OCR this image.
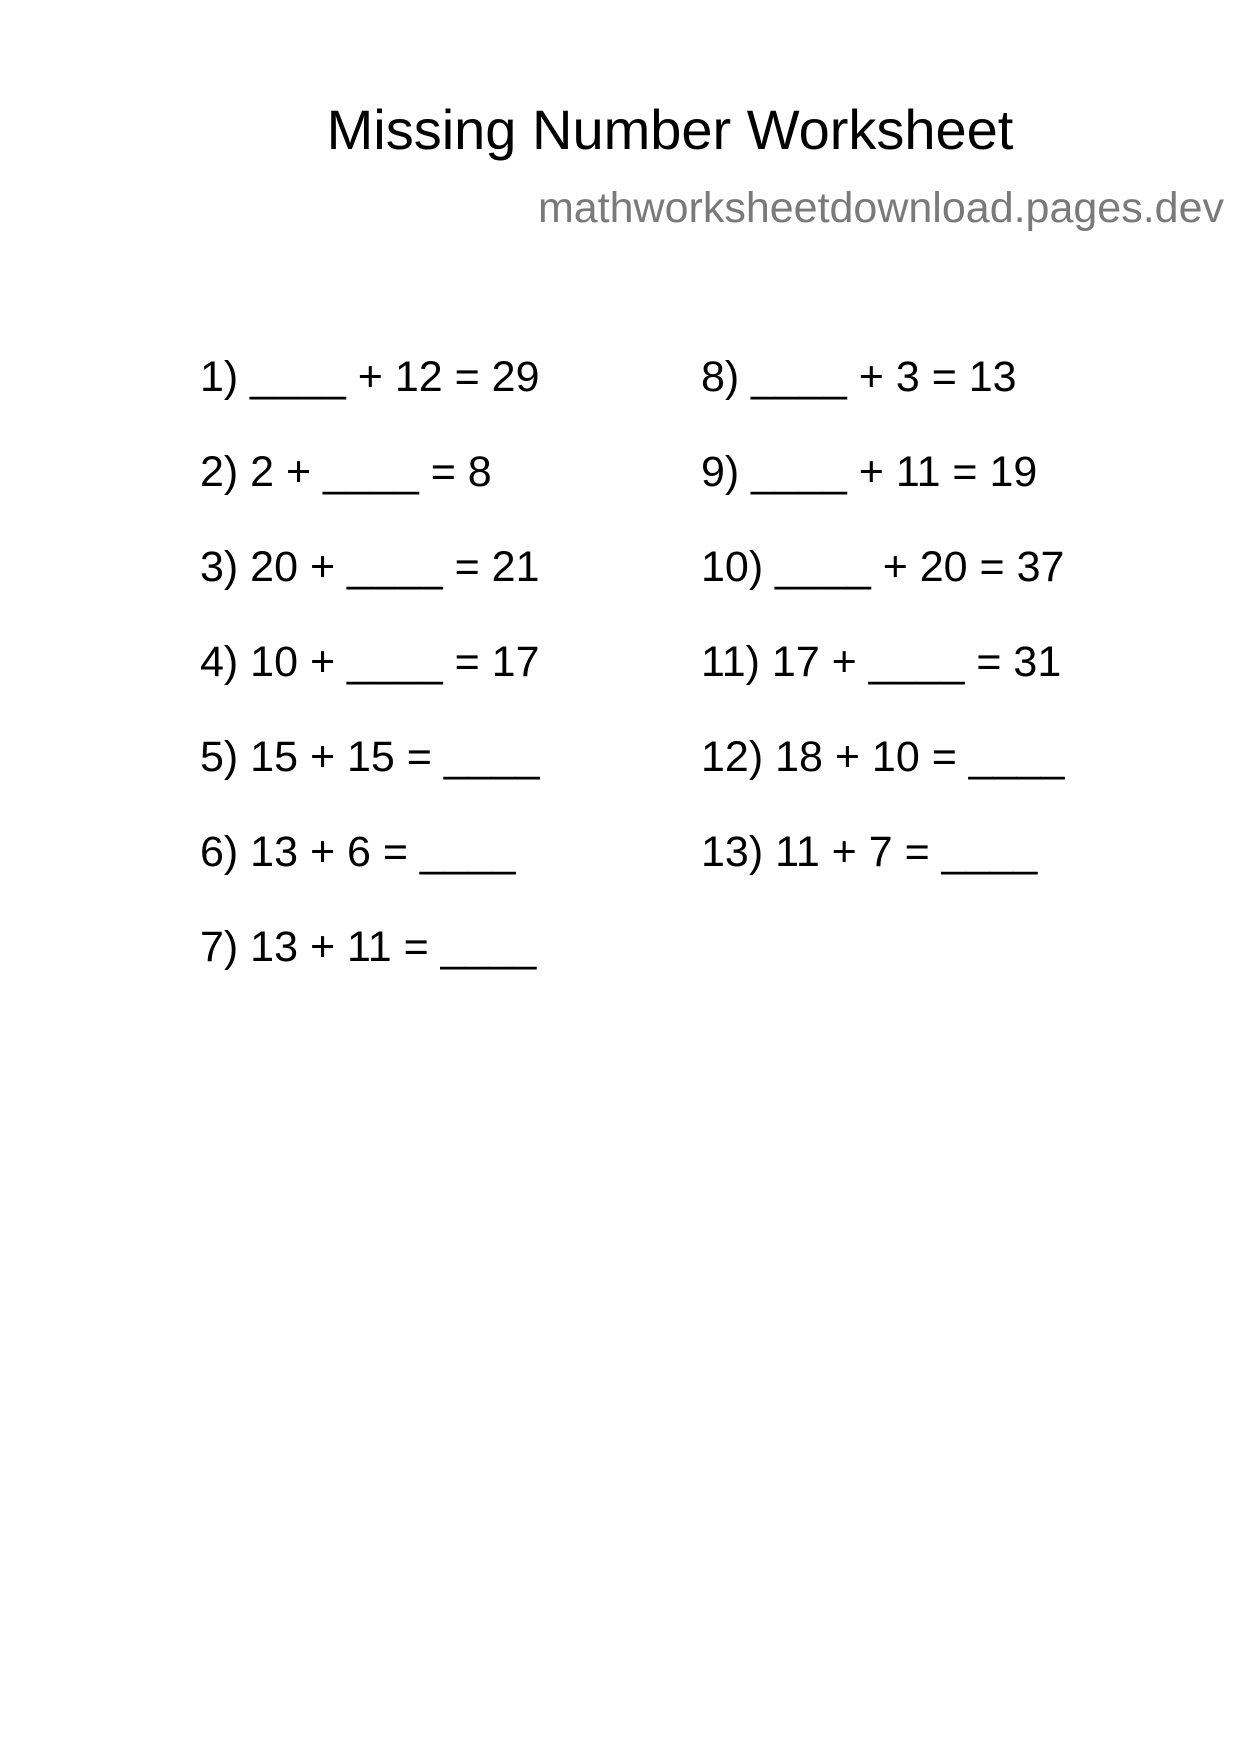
Missing Number Worksheet
mathworksheetdownload.pages.dev
1) ____ + 12 = 29
2) 2 + ____ = 8
3) 20 + ____ = 21
4) 10 + ____ = 17
5) 15 + 15 = ____
6) 13 + 6 = ____
7) 13 + 11 = ____
8) ____ + 3 = 13
9) ____ + 11 = 19
10) ____ + 20 = 37
11) 17 + ____ = 31
12) 18 + 10 = ____
13) 11 + 7 = ____
